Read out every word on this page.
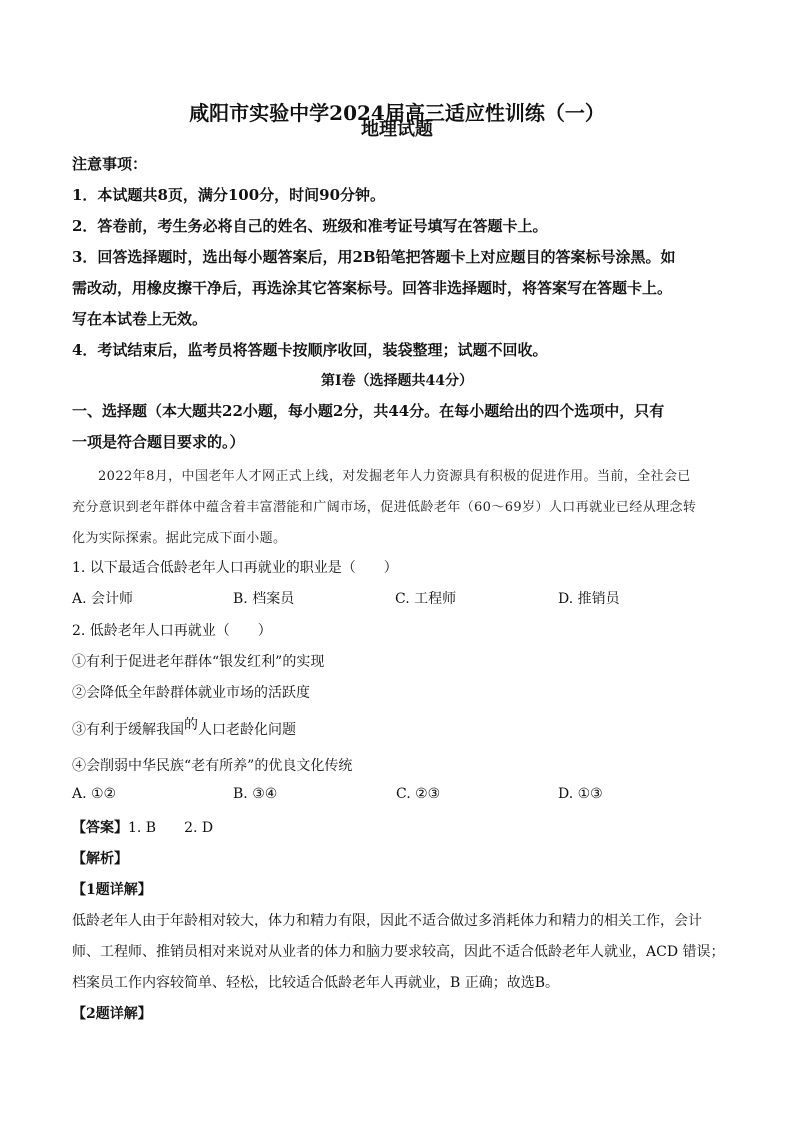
咸阳市实验中学2024届高三适应性训练（一）
地理试题
注意事项：
1．本试题共8页，满分100分，时间90分钟。
2．答卷前，考生务必将自己的姓名、班级和准考证号填写在答题卡上。
3．回答选择题时，选出每小题答案后，用2B铅笔把答题卡上对应题目的答案标号涂黑。如
需改动，用橡皮擦干净后，再选涂其它答案标号。回答非选择题时，将答案写在答题卡上。
写在本试卷上无效。
4．考试结束后，监考员将答题卡按顺序收回，装袋整理；试题不回收。
第Ⅰ卷（选择题共44分）
一、选择题（本大题共22小题，每小题2分，共44分。在每小题给出的四个选项中，只有
一项是符合题目要求的。）
2022年8月，中国老年人才网正式上线，对发掘老年人力资源具有积极的促进作用。当前，全社会已
充分意识到老年群体中蕴含着丰富潜能和广阔市场，促进低龄老年（60～69岁）人口再就业已经从理念转
化为实际探索。据此完成下面小题。
1. 以下最适合低龄老年人口再就业的职业是（　　）
A. 会计师	B. 档案员	C. 工程师	D. 推销员
2. 低龄老年人口再就业（　　）
①有利于促进老年群体“银发红利”的实现
②会降低全年龄群体就业市场的活跃度
③有利于缓解我国的人口老龄化问题
④会削弱中华民族“老有所养”的优良文化传统
A. ①②	B. ③④	C. ②③	D. ①③
【答案】1. B　　2. D
【解析】
【1题详解】
低龄老年人由于年龄相对较大，体力和精力有限，因此不适合做过多消耗体力和精力的相关工作，会计
师、工程师、推销员相对来说对从业者的体力和脑力要求较高，因此不适合低龄老年人就业，ACD 错误；
档案员工作内容较简单、轻松，比较适合低龄老年人再就业，B 正确；故选B。
【2题详解】
